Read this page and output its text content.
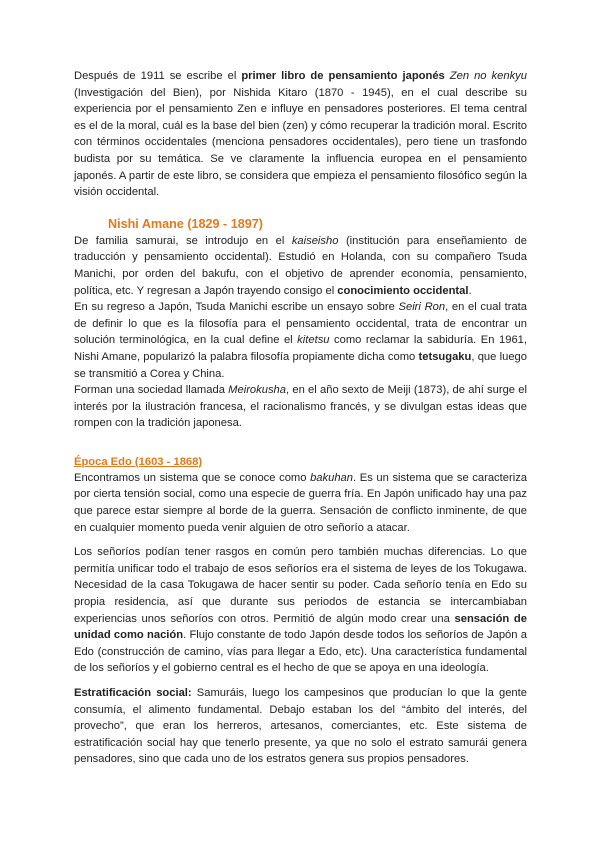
Después de 1911 se escribe el primer libro de pensamiento japonés Zen no kenkyu (Investigación del Bien), por Nishida Kitaro (1870 - 1945), en el cual describe su experiencia por el pensamiento Zen e influye en pensadores posteriores. El tema central es el de la moral, cuál es la base del bien (zen) y cómo recuperar la tradición moral. Escrito con términos occidentales (menciona pensadores occidentales), pero tiene un trasfondo budista por su temática. Se ve claramente la influencia europea en el pensamiento japonés. A partir de este libro, se considera que empieza el pensamiento filosófico según la visión occidental.

Nishi Amane (1829 - 1897)

De familia samurai, se introdujo en el kaiseisho (institución para enseñamiento de traducción y pensamiento occidental). Estudió en Holanda, con su compañero Tsuda Manichi, por orden del bakufu, con el objetivo de aprender economía, pensamiento, política, etc. Y regresan a Japón trayendo consigo el conocimiento occidental.

En su regreso a Japón, Tsuda Manichi escribe un ensayo sobre Seiri Ron, en el cual trata de definir lo que es la filosofía para el pensamiento occidental, trata de encontrar un solución terminológica, en la cual define el kitetsu como reclamar la sabiduría. En 1961, Nishi Amane, popularizó la palabra filosofía propiamente dicha como tetsugaku, que luego se transmitió a Corea y China.

Forman una sociedad llamada Meirokusha, en el año sexto de Meiji (1873), de ahí surge el interés por la ilustración francesa, el racionalismo francés, y se divulgan estas ideas que rompen con la tradición japonesa.

Época Edo (1603 - 1868)

Encontramos un sistema que se conoce como bakuhan. Es un sistema que se caracteriza por cierta tensión social, como una especie de guerra fría. En Japón unificado hay una paz que parece estar siempre al borde de la guerra. Sensación de conflicto inminente, de que en cualquier momento pueda venir alguien de otro señorío a atacar.

Los señoríos podían tener rasgos en común pero también muchas diferencias. Lo que permitía unificar todo el trabajo de esos señoríos era el sistema de leyes de los Tokugawa. Necesidad de la casa Tokugawa de hacer sentir su poder. Cada señorío tenía en Edo su propia residencia, así que durante sus periodos de estancia se intercambiaban experiencias unos señoríos con otros. Permitió de algún modo crear una sensación de unidad como nación. Flujo constante de todo Japón desde todos los señoríos de Japón a Edo (construcción de camino, vías para llegar a Edo, etc). Una característica fundamental de los señoríos y el gobierno central es el hecho de que se apoya en una ideología.

Estratificación social: Samuráis, luego los campesinos que producían lo que la gente consumía, el alimento fundamental. Debajo estaban los del “ámbito del interés, del provecho”, que eran los herreros, artesanos, comerciantes, etc. Este sistema de estratificación social hay que tenerlo presente, ya que no solo el estrato samurái genera pensadores, sino que cada uno de los estratos genera sus propios pensadores.
